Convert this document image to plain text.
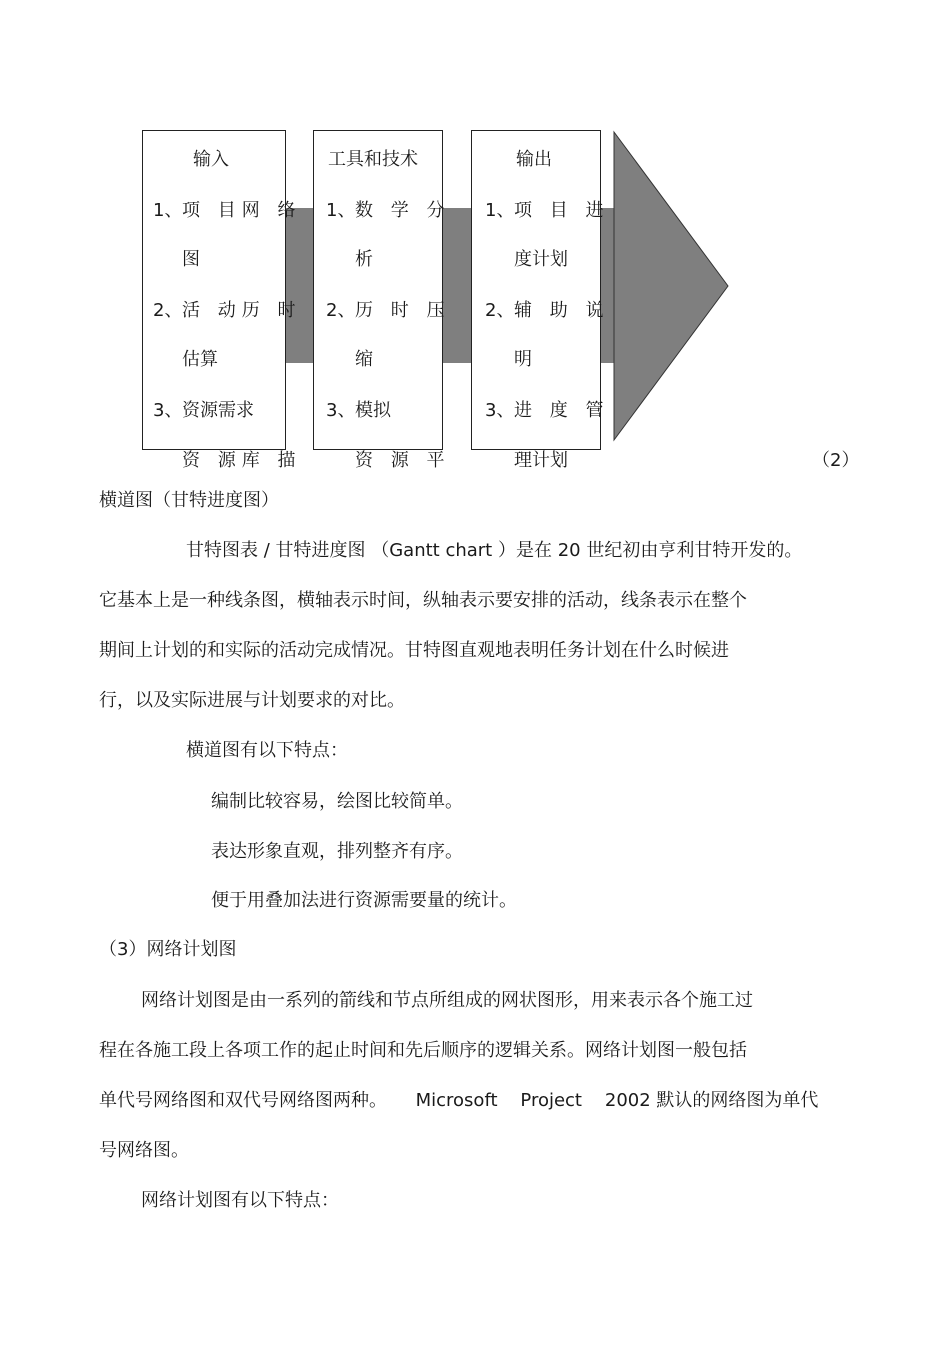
输入
1、 项 目网 络
图
2、 活 动历 时
估算
3、 资源需求
资 源库 描
工具和技术
1、 数 学 分
析
2、 历 时 压
缩
3、 模拟
资 源 平
输出
1、 项 目 进
度计划
2、 辅 助 说
明
3、 进 度 管
理计划	（2）
横道图（甘特进度图）
甘特图表 / 甘特进度图 （Gantt chart ）是在 20 世纪初由亨利甘特开发的。
它基本上是一种线条图，横轴表示时间，纵轴表示要安排的活动，线条表示在整个
期间上计划的和实际的活动完成情况。甘特图直观地表明任务计划在什么时候进
行，以及实际进展与计划要求的对比。
横道图有以下特点：
编制比较容易，绘图比较简单。
表达形象直观，排列整齐有序。
便于用叠加法进行资源需要量的统计。
（3）网络计划图
网络计划图是由一系列的箭线和节点所组成的网状图形，用来表示各个施工过
程在各施工段上各项工作的起止时间和先后顺序的逻辑关系。网络计划图一般包括
单代号网络图和双代号网络图两种。     Microsoft    Project    2002 默认的网络图为单代
号网络图。
网络计划图有以下特点：
